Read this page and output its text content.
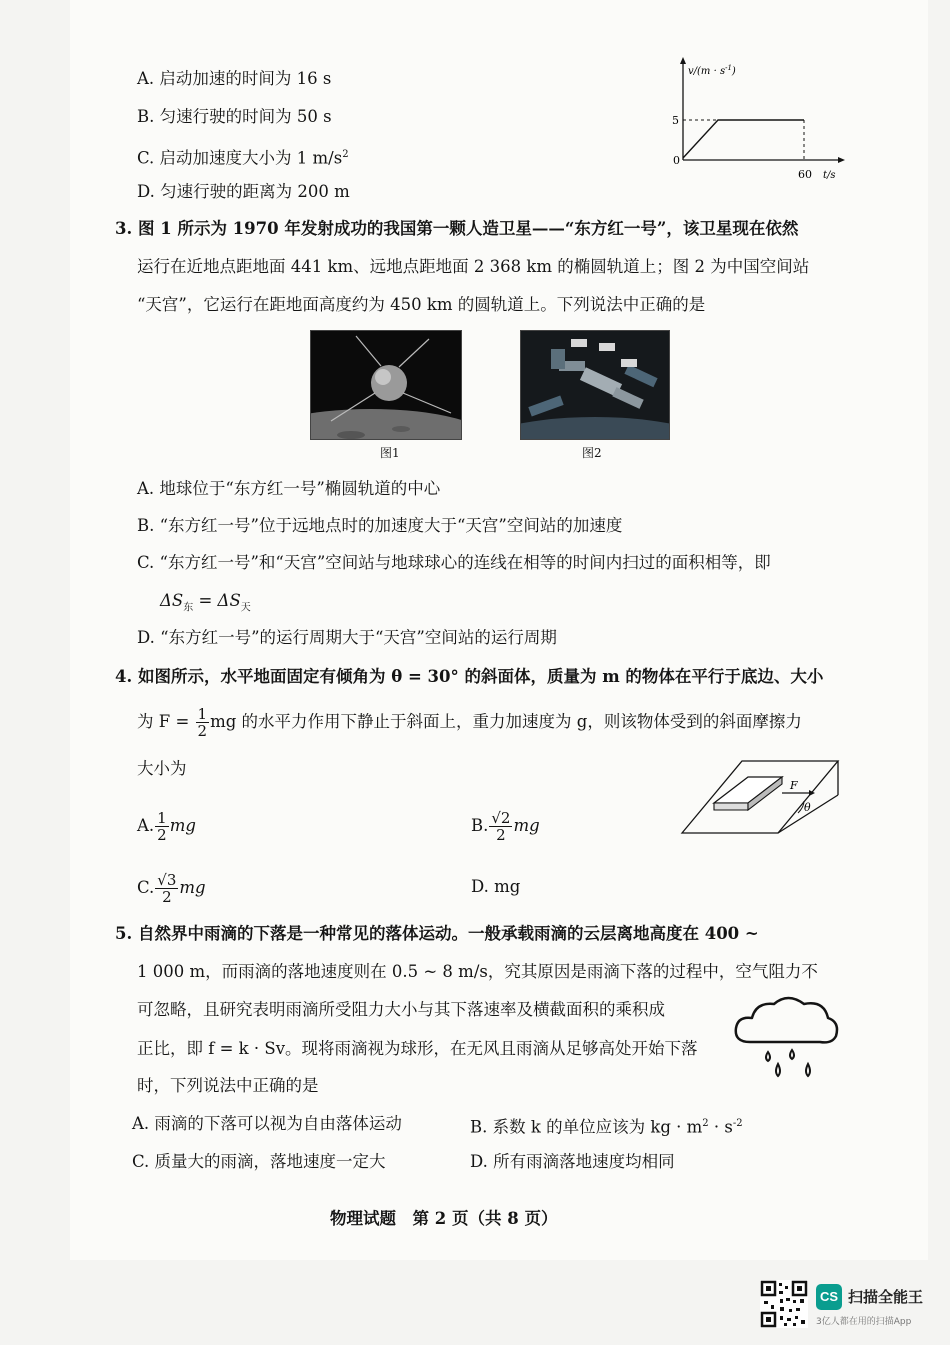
A. 启动加速的时间为 16 s
B. 匀速行驶的时间为 50 s
C. 启动加速度大小为 1 $m/s^2$
D. 匀速行驶的距离为 200 m
$v/(m \cdot s^{-1})$
5
0
60 t/s
3. 图 1 所示为 1970 年发射成功的我国第一颗人造卫星——“东方红一号”，该卫星现在依然
运行在近地点距地面 441 km、远地点距地面 2 368 km 的椭圆轨道上；图 2 为中国空间站
“天宫”，它运行在距地面高度约为 450 km 的圆轨道上。下列说法中正确的是
图1	图2
A. 地球位于“东方红一号”椭圆轨道的中心
B. “东方红一号”位于远地点时的加速度大于“天宫”空间站的加速度
C. “东方红一号”和“天宫”空间站与地球球心的连线在相等的时间内扫过的面积相等，即
$\Delta S_东 = \Delta S_天$
D. “东方红一号”的运行周期大于“天宫”空间站的运行周期
4. 如图所示，水平地面固定有倾角为 θ = 30° 的斜面体，质量为 m 的物体在平行于底边、大小
为 $F = \frac{1}{2}$ mg 的水平力作用下静止于斜面上，重力加速度为 g，则该物体受到的斜面摩擦力
大小为
F
θ
A. $\frac{1}{2}$ mg	B. $\frac{√2}{2}$ mg
C. $\frac{√3}{2}$ mg	D. mg
5. 自然界中雨滴的下落是一种常见的落体运动。一般承载雨滴的云层离地高度在 400 ~
1 000 m，而雨滴的落地速度则在 0.5 ~ 8 m/s，究其原因是雨滴下落的过程中，空气阻力不
可忽略，且研究表明雨滴所受阻力大小与其下落速率及横截面积的乘积成
正比，即 f = k · Sv。现将雨滴视为球形，在无风且雨滴从足够高处开始下落
时，下列说法中正确的是
A. 雨滴的下落可以视为自由落体运动	B. 系数 k 的单位应该为 kg · $m^2 \cdot s^{-2}$
C. 质量大的雨滴，落地速度一定大	D. 所有雨滴落地速度均相同
物理试题　第 2 页（共 8 页）
CS 扫描全能王
3亿人都在用的扫描App
